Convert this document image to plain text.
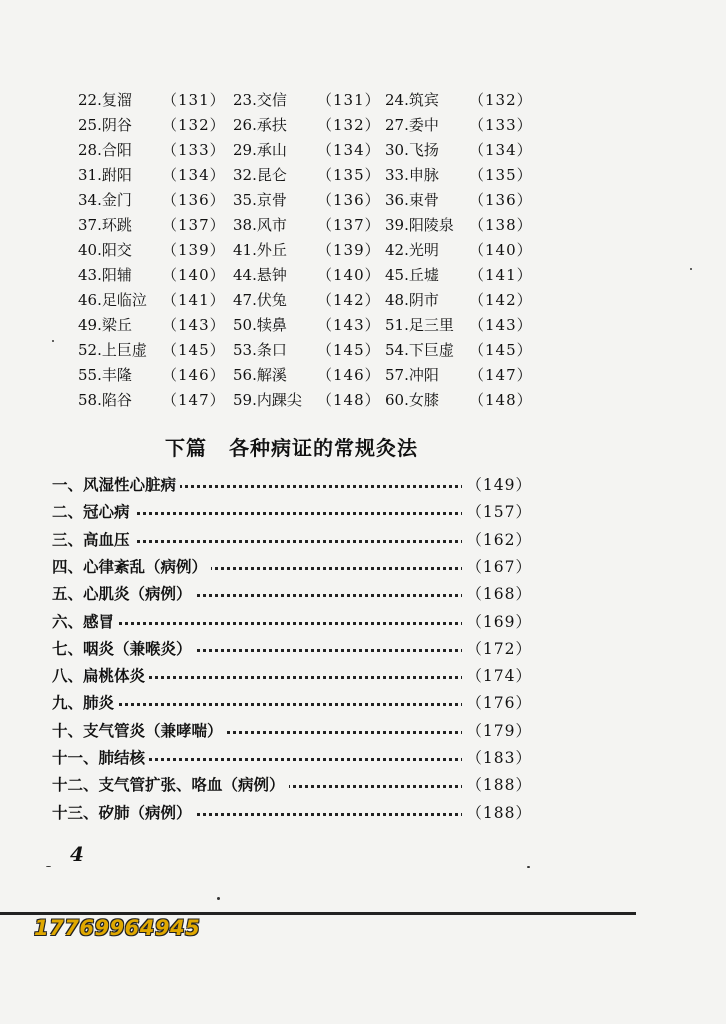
22.复溜 （131） 23.交信 （131） 24.筑宾 （132）
25.阴谷 （132） 26.承扶 （132） 27.委中 （133）
28.合阳 （133） 29.承山 （134） 30.飞扬 （134）
31.跗阳 （134） 32.昆仑 （135） 33.申脉 （135）
34.金门 （136） 35.京骨 （136） 36.束骨 （136）
37.环跳 （137） 38.风市 （137） 39.阳陵泉 （138）
40.阳交 （139） 41.外丘 （139） 42.光明 （140）
43.阳辅 （140） 44.悬钟 （140） 45.丘墟 （141）
46.足临泣 （141） 47.伏兔 （142） 48.阴市 （142）
49.梁丘 （143） 50.犊鼻 （143） 51.足三里 （143）
52.上巨虚 （145） 53.条口 （145） 54.下巨虚 （145）
55.丰隆 （146） 56.解溪 （146） 57.冲阳 （147）
58.陷谷 （147） 59.内踝尖 （148） 60.女膝 （148）
下篇 各种病证的常规灸法
一、风湿性心脏病	（149）
二、冠心病	（157）
三、高血压	（162）
四、心律紊乱（病例）	（167）
五、心肌炎（病例）	（168）
六、感冒	（169）
七、咽炎（兼喉炎）	（172）
八、扁桃体炎	（174）
九、肺炎	（176）
十、支气管炎（兼哮喘）	（179）
十一、肺结核	（183）
十二、支气管扩张、咯血（病例）	（188）
十三、矽肺（病例）	（188）
4
17769964945
